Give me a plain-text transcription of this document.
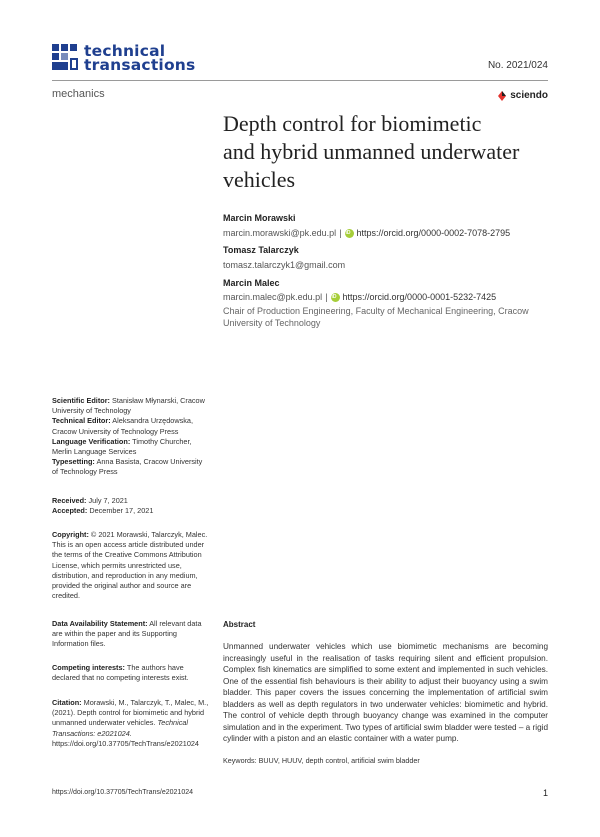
technical
transactions	No. 2021/024
mechanics	sciendo
Depth control for biomimetic
and hybrid unmanned underwater
vehicles
Marcin Morawski
marcin.morawski@pk.edu.pl | iD https://orcid.org/0000-0002-7078-2795
Tomasz Talarczyk
tomasz.talarczyk1@gmail.com
Marcin Malec
marcin.malec@pk.edu.pl | iD https://orcid.org/0000-0001-5232-7425
Chair of Production Engineering, Faculty of Mechanical Engineering, Cracow University of Technology
Scientific Editor: Stanisław Młynarski, Cracow University of Technology
Technical Editor: Aleksandra Urzędowska, Cracow University of Technology Press
Language Verification: Timothy Churcher, Merlin Language Services
Typesetting: Anna Basista, Cracow University of Technology Press
Received: July 7, 2021
Accepted: December 17, 2021
Copyright: © 2021 Morawski, Talarczyk, Malec. This is an open access article distributed under the terms of the Creative Commons Attribution License, which permits unrestricted use, distribution, and reproduction in any medium, provided the original author and source are credited.
Data Availability Statement: All relevant data are within the paper and its Supporting Information files.
Competing interests: The authors have declared that no competing interests exist.
Citation: Morawski, M., Talarczyk, T., Malec, M., (2021). Depth control for biomimetic and hybrid unmanned underwater vehicles. Technical Transactions: e2021024. https://doi.org/10.37705/TechTrans/e2021024
Abstract
Unmanned underwater vehicles which use biomimetic mechanisms are becoming increasingly useful in the realisation of tasks requiring silent and efficient propulsion. Complex fish kinematics are simplified to some extent and implemented in such vehicles. One of the essential fish behaviours is their ability to adjust their buoyancy using a swim bladder. This paper covers the issues concerning the implementation of artificial swim bladders as well as depth regulators in two underwater vehicles: biomimetic and hybrid. The control of vehicle depth through buoyancy change was examined in the computer simulation and in the experiment. Two types of artificial swim bladder were tested – a rigid cylinder with a piston and an elastic container with a water pump.
Keywords: BUUV, HUUV, depth control, artificial swim bladder
https://doi.org/10.37705/TechTrans/e2021024	1
